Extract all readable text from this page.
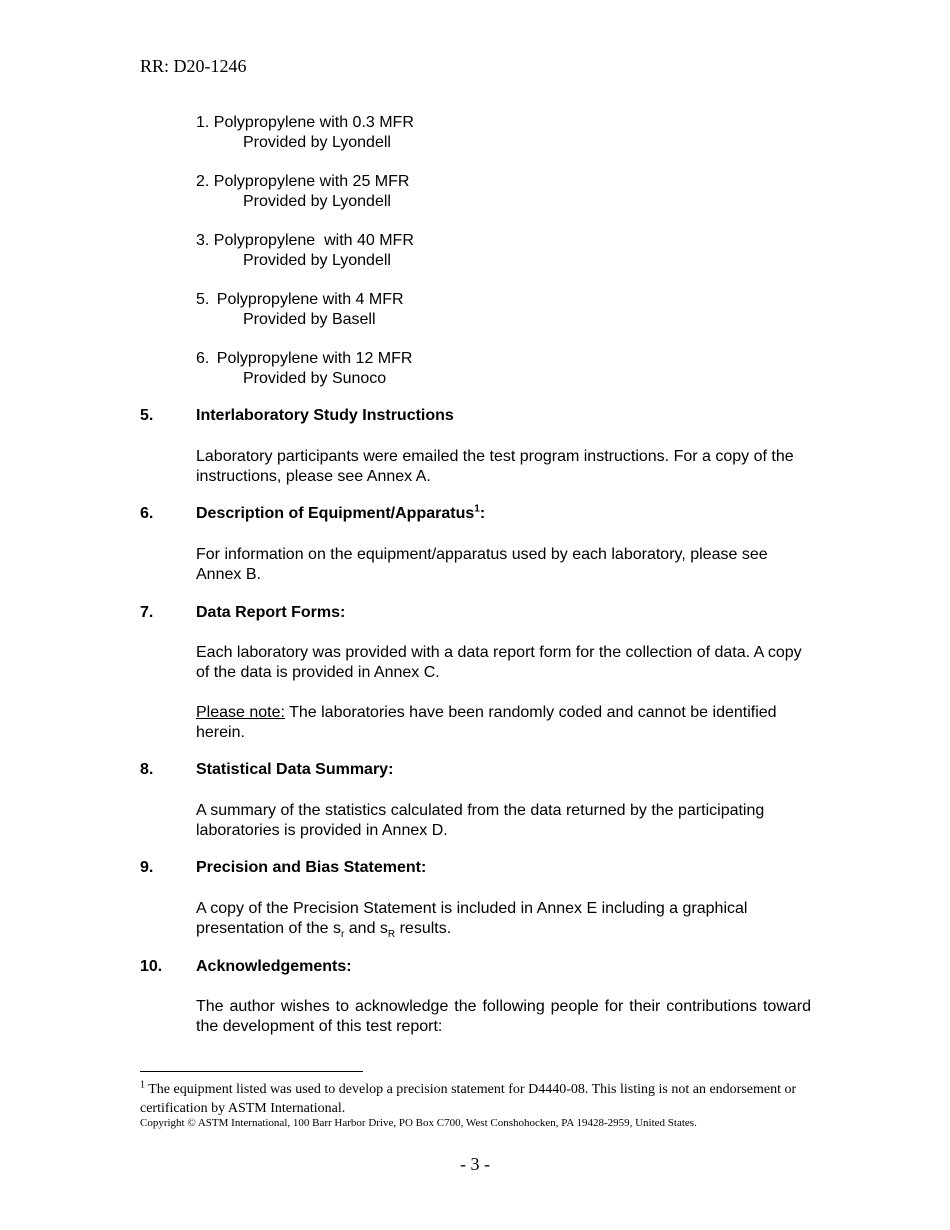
RR: D20-1246
1. Polypropylene with 0.3 MFR
Provided by Lyondell
2. Polypropylene with 25 MFR
Provided by Lyondell
3. Polypropylene  with 40 MFR
Provided by Lyondell
5. Polypropylene with 4 MFR
Provided by Basell
6. Polypropylene with 12 MFR
Provided by Sunoco
5.	Interlaboratory Study Instructions
Laboratory participants were emailed the test program instructions. For a copy of the instructions, please see Annex A.
6.	Description of Equipment/Apparatus$^1$:
For information on the equipment/apparatus used by each laboratory, please see Annex B.
7.	Data Report Forms:
Each laboratory was provided with a data report form for the collection of data. A copy of the data is provided in Annex C.
Please note: The laboratories have been randomly coded and cannot be identified herein.
8.	Statistical Data Summary:
A summary of the statistics calculated from the data returned by the participating laboratories is provided in Annex D.
9.	Precision and Bias Statement:
A copy of the Precision Statement is included in Annex E including a graphical presentation of the $s_r$ and $s_R$ results.
10. Acknowledgements:
The author wishes to acknowledge the following people for their contributions toward the development of this test report:
$^1$ The equipment listed was used to develop a precision statement for D4440-08. This listing is not an endorsement or certification by ASTM International.
Copyright © ASTM International, 100 Barr Harbor Drive, PO Box C700, West Conshohocken, PA 19428-2959, United States.
- 3 -
